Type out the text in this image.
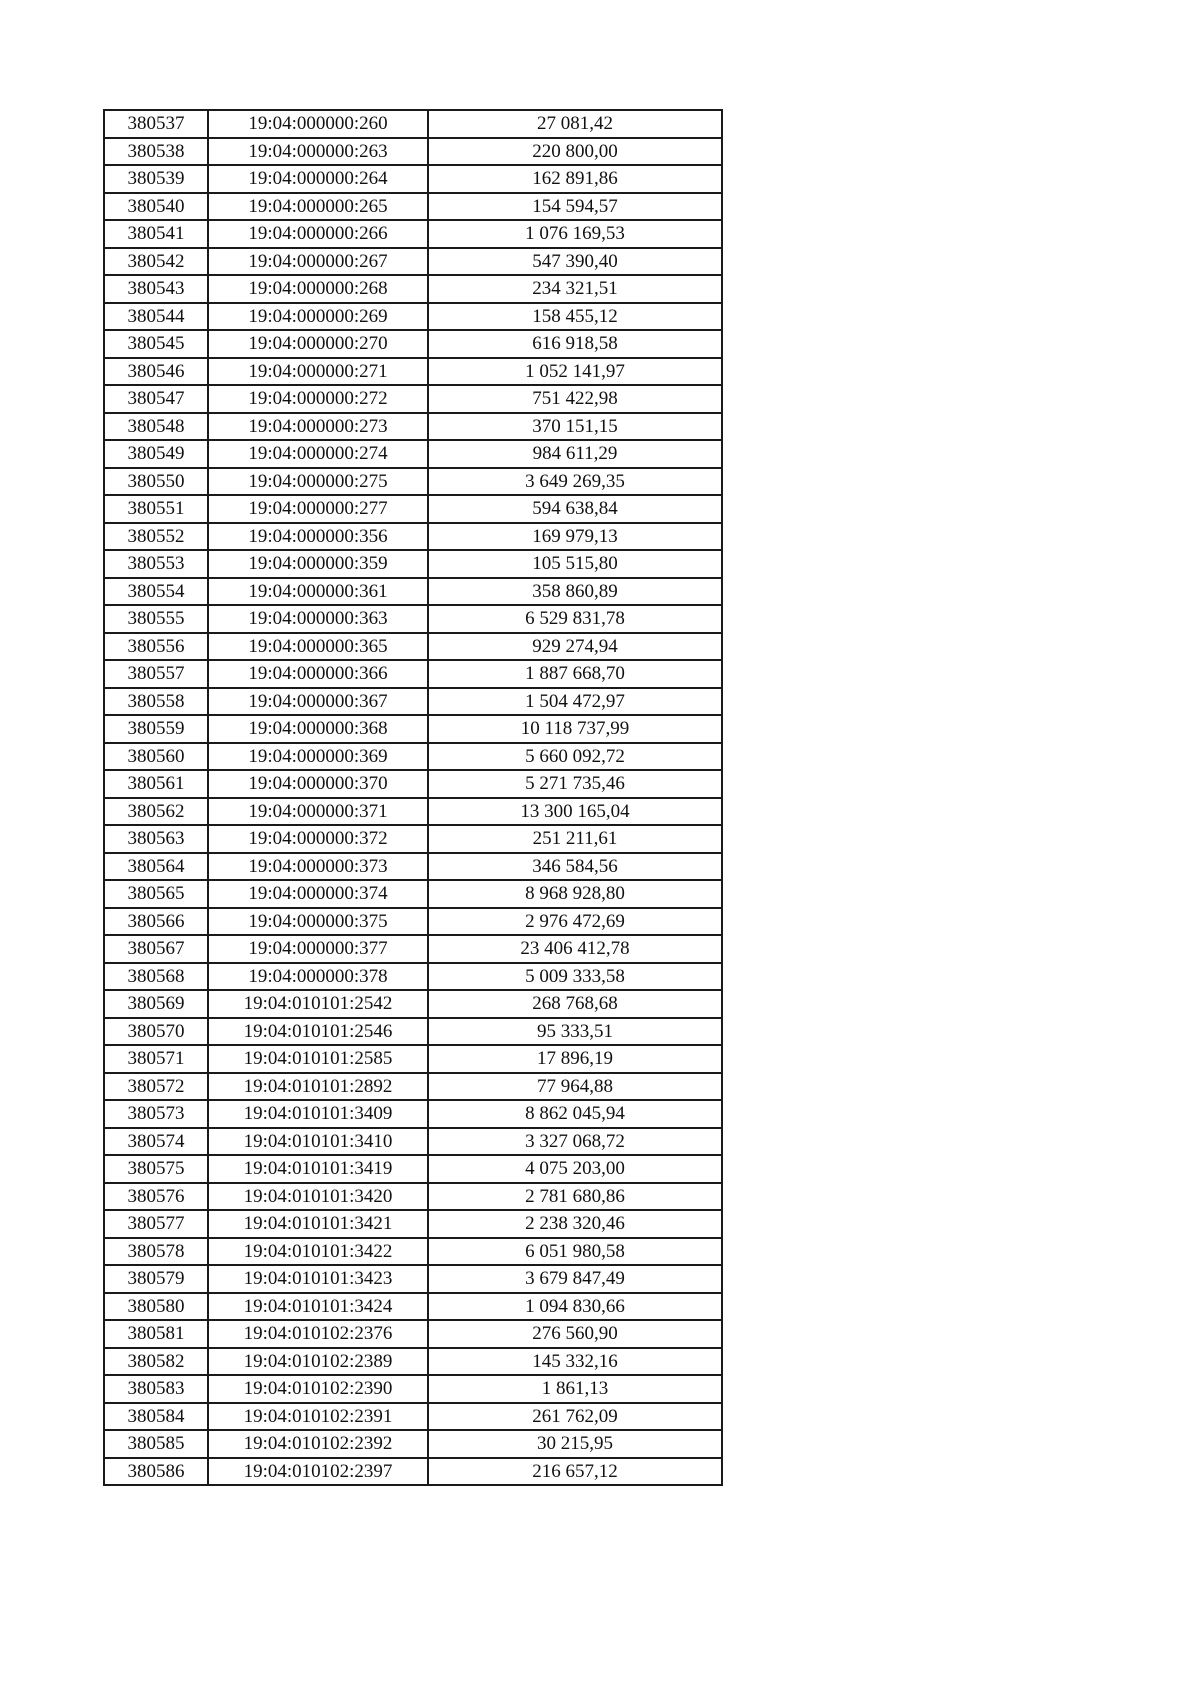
380537	19:04:000000:260	27 081,42
380538	19:04:000000:263	220 800,00
380539	19:04:000000:264	162 891,86
380540	19:04:000000:265	154 594,57
380541	19:04:000000:266	1 076 169,53
380542	19:04:000000:267	547 390,40
380543	19:04:000000:268	234 321,51
380544	19:04:000000:269	158 455,12
380545	19:04:000000:270	616 918,58
380546	19:04:000000:271	1 052 141,97
380547	19:04:000000:272	751 422,98
380548	19:04:000000:273	370 151,15
380549	19:04:000000:274	984 611,29
380550	19:04:000000:275	3 649 269,35
380551	19:04:000000:277	594 638,84
380552	19:04:000000:356	169 979,13
380553	19:04:000000:359	105 515,80
380554	19:04:000000:361	358 860,89
380555	19:04:000000:363	6 529 831,78
380556	19:04:000000:365	929 274,94
380557	19:04:000000:366	1 887 668,70
380558	19:04:000000:367	1 504 472,97
380559	19:04:000000:368	10 118 737,99
380560	19:04:000000:369	5 660 092,72
380561	19:04:000000:370	5 271 735,46
380562	19:04:000000:371	13 300 165,04
380563	19:04:000000:372	251 211,61
380564	19:04:000000:373	346 584,56
380565	19:04:000000:374	8 968 928,80
380566	19:04:000000:375	2 976 472,69
380567	19:04:000000:377	23 406 412,78
380568	19:04:000000:378	5 009 333,58
380569	19:04:010101:2542	268 768,68
380570	19:04:010101:2546	95 333,51
380571	19:04:010101:2585	17 896,19
380572	19:04:010101:2892	77 964,88
380573	19:04:010101:3409	8 862 045,94
380574	19:04:010101:3410	3 327 068,72
380575	19:04:010101:3419	4 075 203,00
380576	19:04:010101:3420	2 781 680,86
380577	19:04:010101:3421	2 238 320,46
380578	19:04:010101:3422	6 051 980,58
380579	19:04:010101:3423	3 679 847,49
380580	19:04:010101:3424	1 094 830,66
380581	19:04:010102:2376	276 560,90
380582	19:04:010102:2389	145 332,16
380583	19:04:010102:2390	1 861,13
380584	19:04:010102:2391	261 762,09
380585	19:04:010102:2392	30 215,95
380586	19:04:010102:2397	216 657,12
